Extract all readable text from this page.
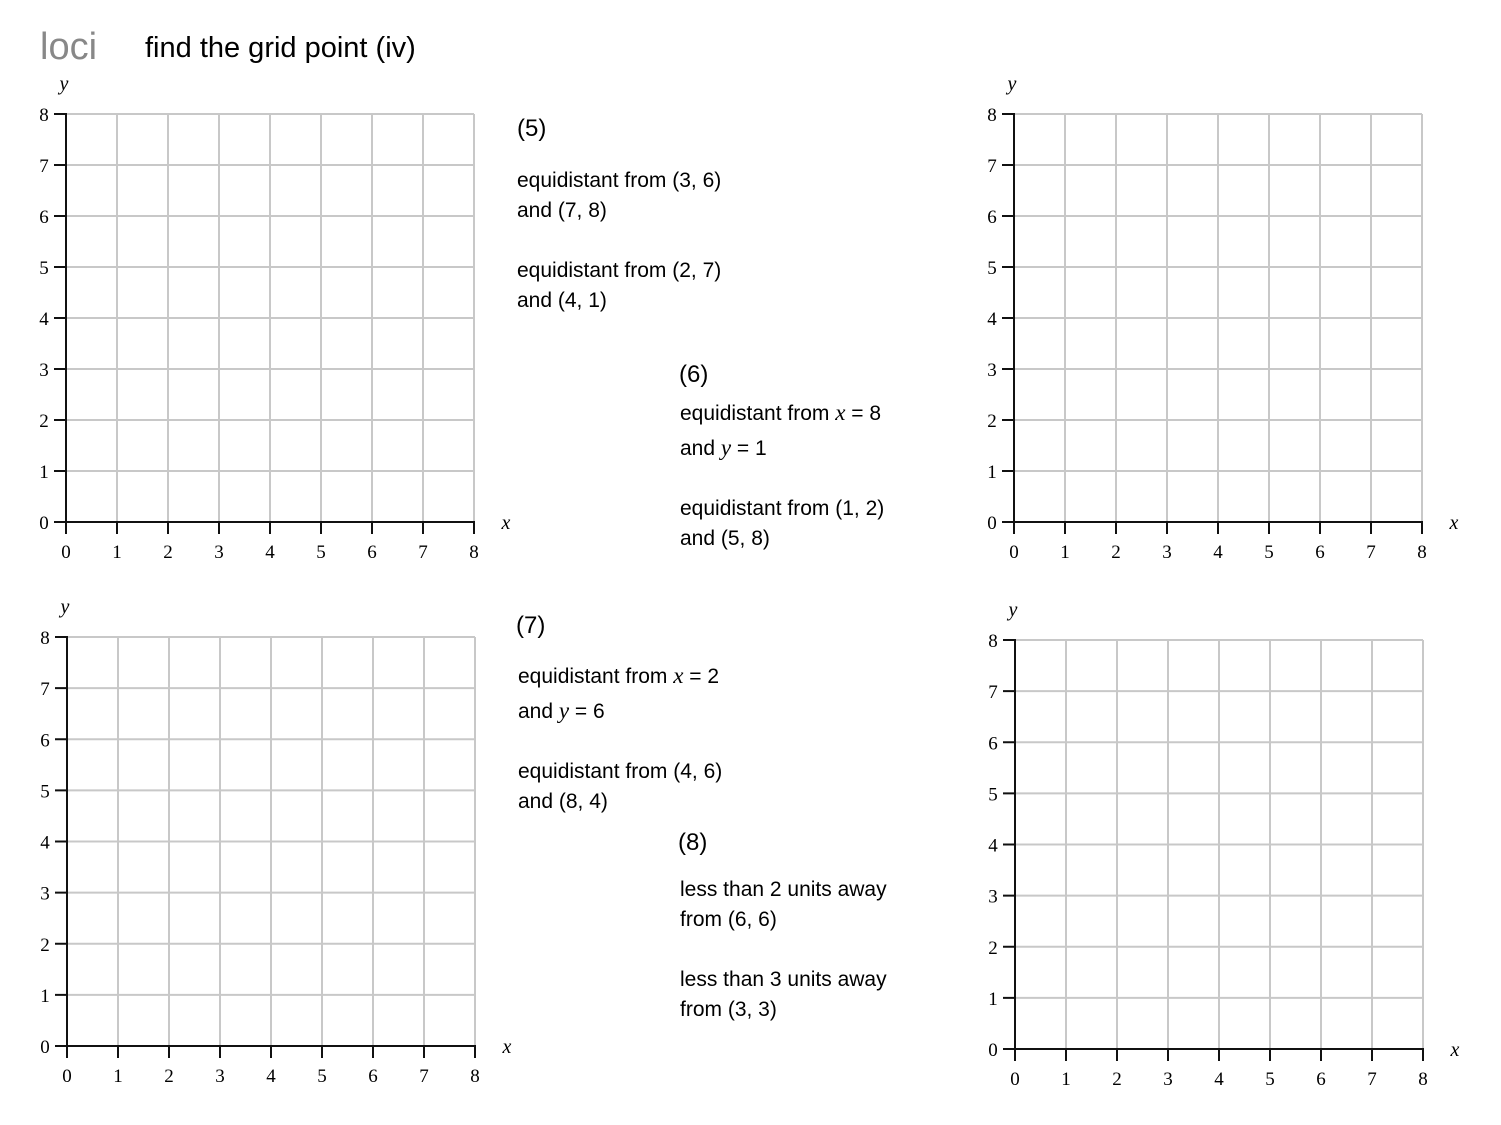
loci find the grid point (iv)
0
0
1
1
2
2
3
3
4
4
5
5
6
6
7
7
8
8
x
y
0
0
1
1
2
2
3
3
4
4
5
5
6
6
7
7
8
8
x
y
0
0
1
1
2
2
3
3
4
4
5
5
6
6
7
7
8
8
x
y
0
0
1
1
2
2
3
3
4
4
5
5
6
6
7
7
8
8
x
y
(5)
equidistant from (3, 6)
and (7, 8)
equidistant from (2, 7)
and (4, 1)
(6)
equidistant from x = 8
and y = 1
equidistant from (1, 2)
and (5, 8)
(7)
equidistant from x = 2
and y = 6
equidistant from (4, 6)
and (8, 4)
(8)
less than 2 units away
from (6, 6)
less than 3 units away
from (3, 3)
